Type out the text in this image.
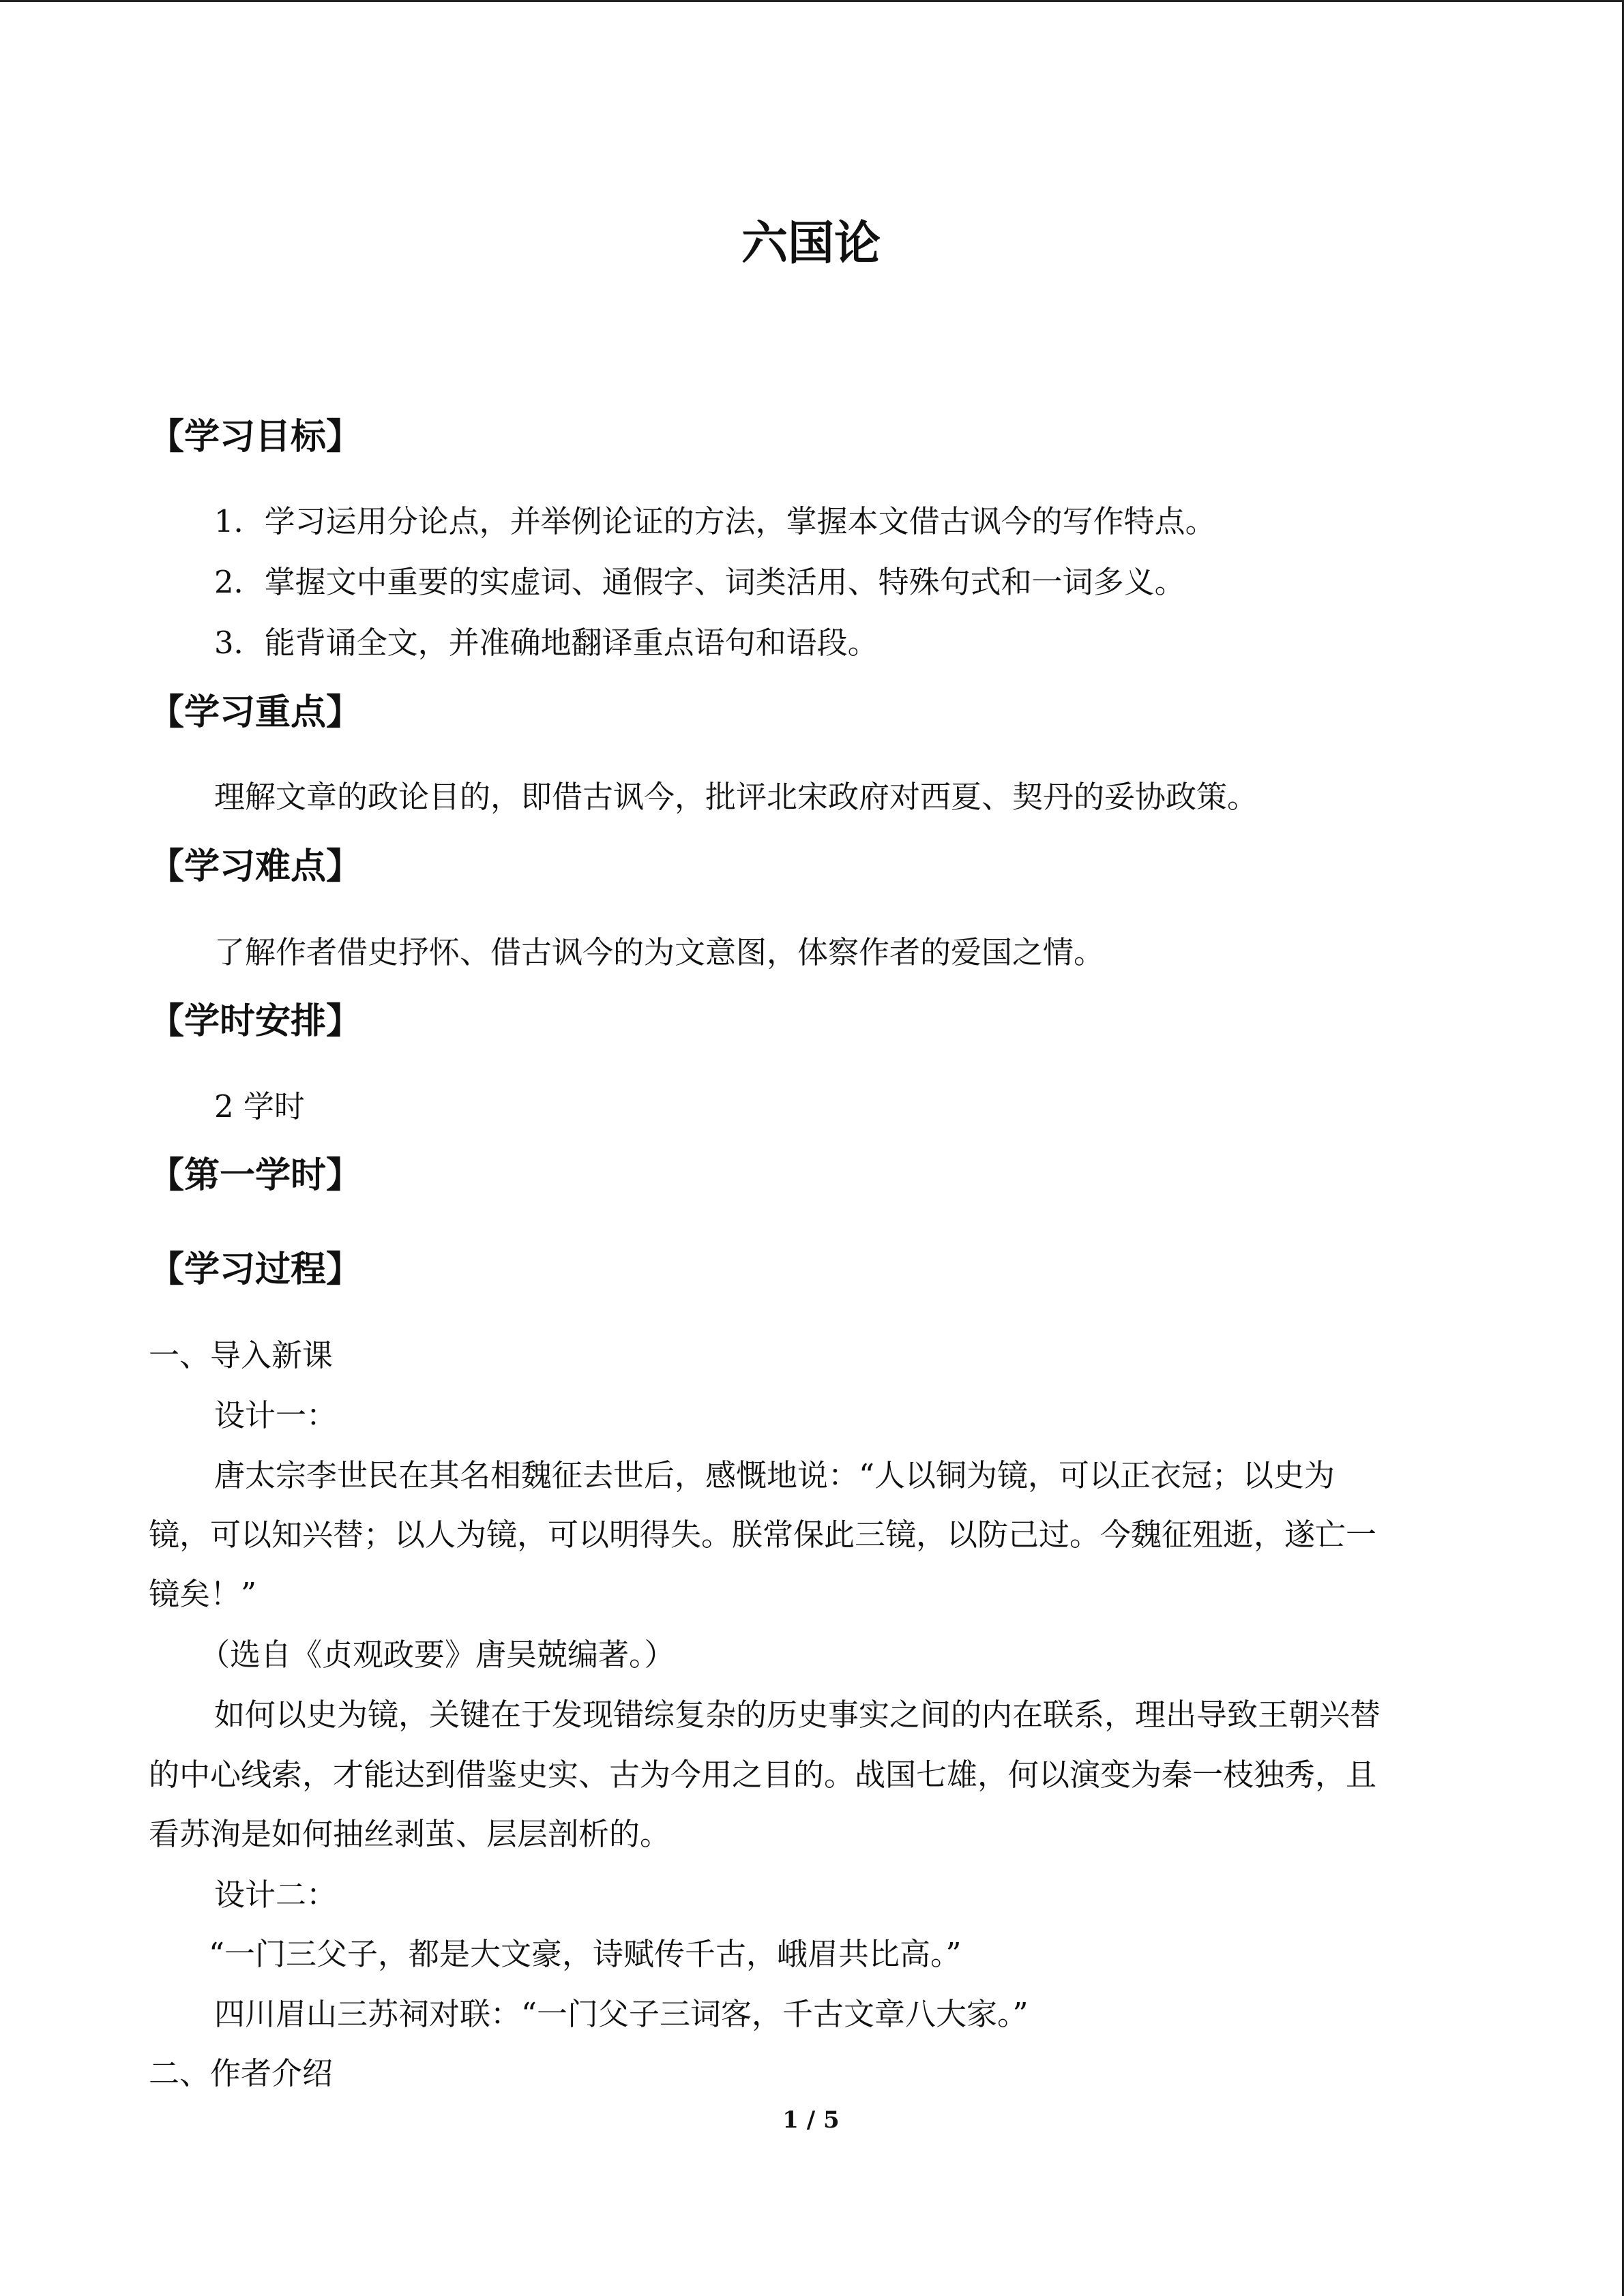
六国论
【学习目标】
1．学习运用分论点，并举例论证的方法，掌握本文借古讽今的写作特点。
2．掌握文中重要的实虚词、通假字、词类活用、特殊句式和一词多义。
3．能背诵全文，并准确地翻译重点语句和语段。
【学习重点】
理解文章的政论目的，即借古讽今，批评北宋政府对西夏、契丹的妥协政策。
【学习难点】
了解作者借史抒怀、借古讽今的为文意图，体察作者的爱国之情。
【学时安排】
2 学时
【第一学时】
【学习过程】
一、导入新课
设计一：
唐太宗李世民在其名相魏征去世后，感慨地说：“人以铜为镜，可以正衣冠；以史为
镜，可以知兴替；以人为镜，可以明得失。朕常保此三镜，以防己过。今魏征殂逝，遂亡一
镜矣！”
（选自《贞观政要》唐吴兢编著。）
如何以史为镜，关键在于发现错综复杂的历史事实之间的内在联系，理出导致王朝兴替
的中心线索，才能达到借鉴史实、古为今用之目的。战国七雄，何以演变为秦一枝独秀，且
看苏洵是如何抽丝剥茧、层层剖析的。
设计二：
“一门三父子，都是大文豪，诗赋传千古，峨眉共比高。”
四川眉山三苏祠对联：“一门父子三词客，千古文章八大家。”
二、作者介绍
1 / 5
